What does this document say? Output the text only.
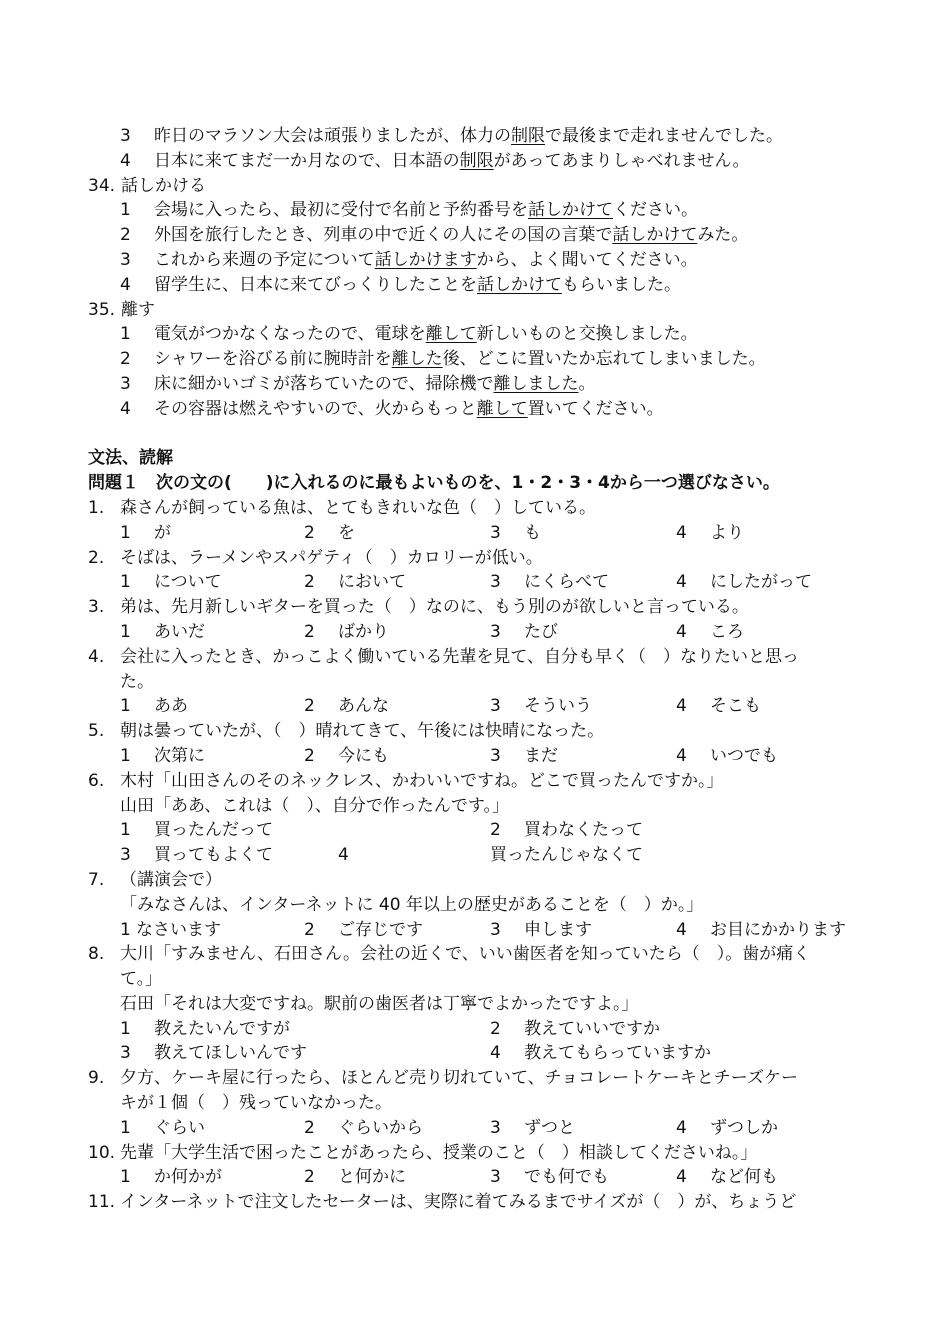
3 昨日のマラソン大会は頑張りましたが、体力の制限で最後まで走れませんでした。
4 日本に来てまだ一か月なので、日本語の制限があってあまりしゃべれません。
34. 話しかける
1 会場に入ったら、最初に受付で名前と予約番号を話しかけてください。
2 外国を旅行したとき、列車の中で近くの人にその国の言葉で話しかけてみた。
3 これから来週の予定について話しかけますから、よく聞いてください。
4 留学生に、日本に来てびっくりしたことを話しかけてもらいました。
35. 離す
1 電気がつかなくなったので、電球を離して新しいものと交換しました。
2 シャワーを浴びる前に腕時計を離した後、どこに置いたか忘れてしまいました。
3 床に細かいゴミが落ちていたので、掃除機で離しました。
4 その容器は燃えやすいので、火からもっと離して置いてください。
文法、読解
問題１　次の文の(　　)に入れるのに最もよいものを、1・2・3・4から一つ選びなさい。
1. 森さんが飼っている魚は、とてもきれいな色（　）している。
1 が	2 を	3 も	4 より
2. そばは、ラーメンやスパゲティ（　）カロリーが低い。
1 について	2 において	3 にくらべて	4 にしたがって
3. 弟は、先月新しいギターを買った（　）なのに、もう別のが欲しいと言っている。
1 あいだ	2 ばかり	3 たび	4 ころ
4. 会社に入ったとき、かっこよく働いている先輩を見て、自分も早く（　）なりたいと思っ
た。
1 ああ	2 あんな	3 そういう	4 そこも
5. 朝は曇っていたが、（　）晴れてきて、午後には快晴になった。
1 次第に	2 今にも	3 まだ	4 いつでも
6. 木村「山田さんのそのネックレス、かわいいですね。どこで買ったんですか。」
山田「ああ、これは（　）、自分で作ったんです。」
1 買ったんだって	2 買わなくたって
3 買ってもよくて	4	買ったんじゃなくて
7. （講演会で）
「みなさんは、インターネットに 40 年以上の歴史があることを（　）か。」
1 なさいます	2 ご存じです	3 申します	4 お目にかかります
8. 大川「すみません、石田さん。会社の近くで、いい歯医者を知っていたら（　）。歯が痛く
て。」
石田「それは大変ですね。駅前の歯医者は丁寧でよかったですよ。」
1 教えたいんですが	2 教えていいですか
3 教えてほしいんです	4 教えてもらっていますか
9. 夕方、ケーキ屋に行ったら、ほとんど売り切れていて、チョコレートケーキとチーズケー
キが１個（　）残っていなかった。
1 ぐらい	2 ぐらいから	3 ずつと	4 ずつしか
10. 先輩「大学生活で困ったことがあったら、授業のこと（　）相談してくださいね。」
1 か何かが	2 と何かに	3 でも何でも	4 など何も
11. インターネットで注文したセーターは、実際に着てみるまでサイズが（　）が、ちょうど
